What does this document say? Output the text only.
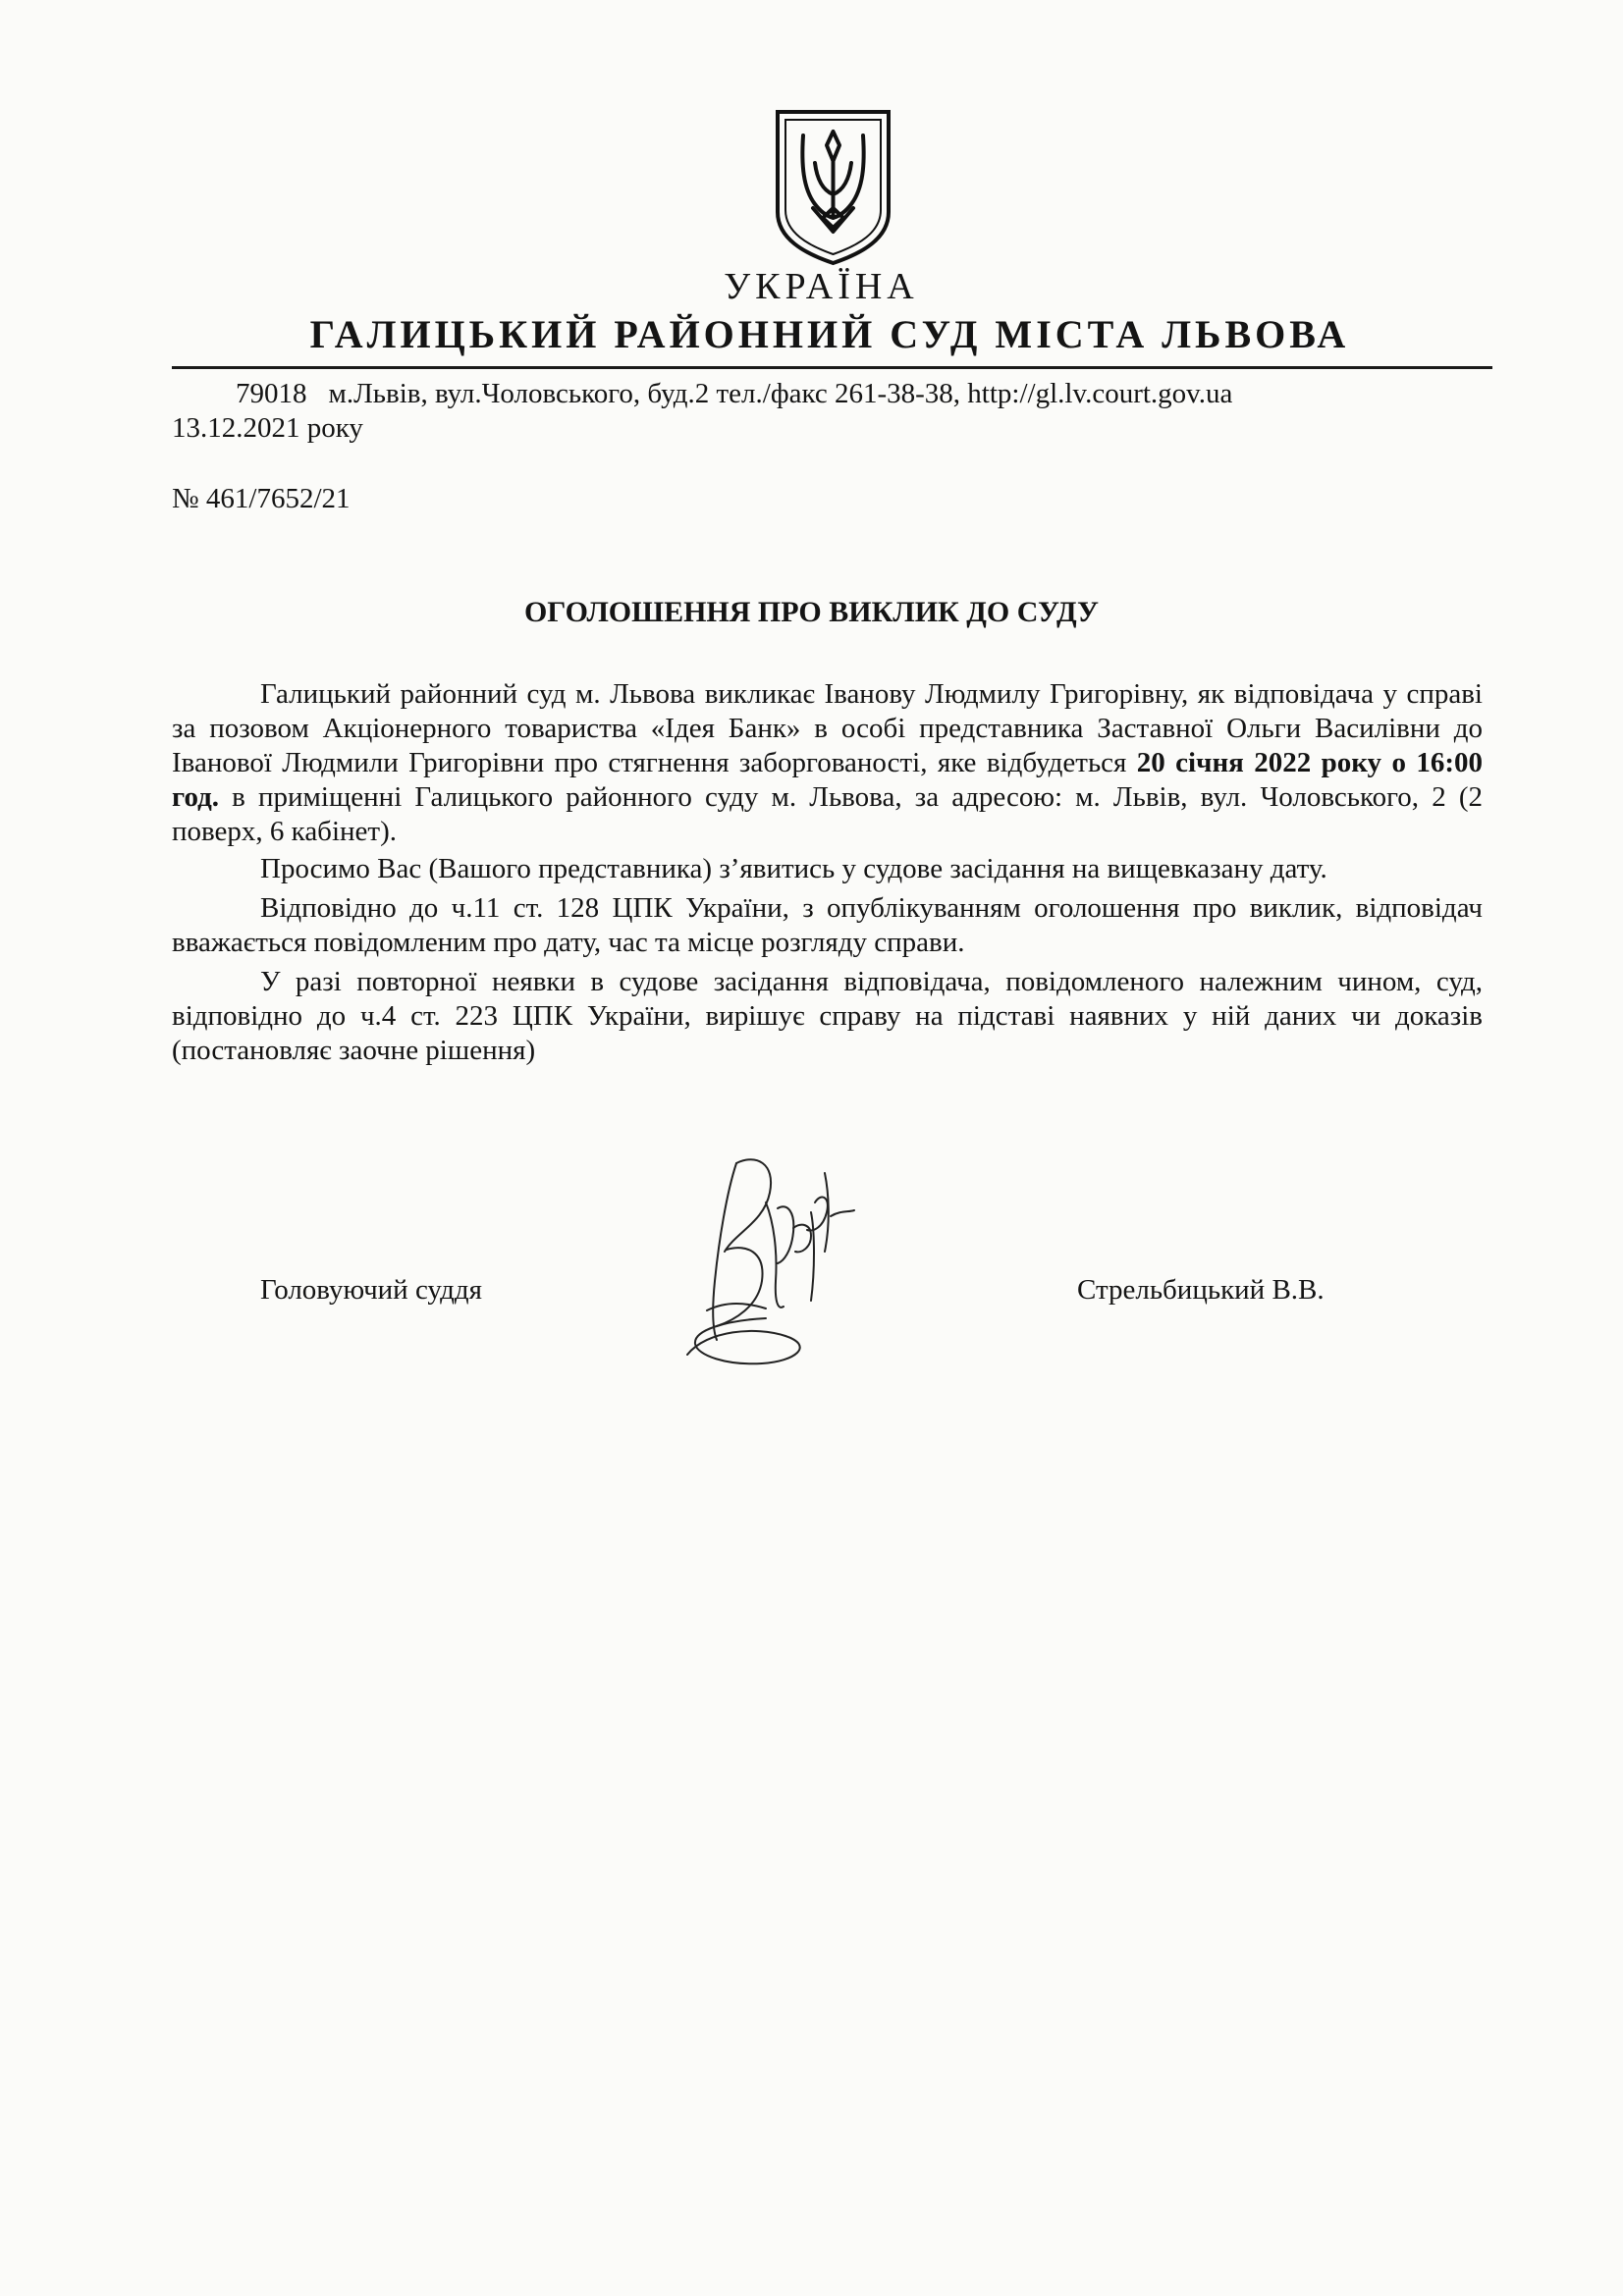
УКРАЇНА
ГАЛИЦЬКИЙ РАЙОННИЙ СУД МІСТА ЛЬВОВА
79018 м.Львів, вул.Чоловського, буд.2 тел./факс 261-38-38, http://gl.lv.court.gov.ua
13.12.2021 року
№ 461/7652/21
ОГОЛОШЕННЯ ПРО ВИКЛИК ДО СУДУ

Галицький районний суд м. Львова викликає Іванову Людмилу Григорівну, як відповідача у справі за позовом Акціонерного товариства «Ідея Банк» в особі представника Заставної Ольги Василівни до Іванової Людмили Григорівни про стягнення заборгованості, яке відбудеться 20 січня 2022 року о 16:00 год. в приміщенні Галицького районного суду м. Львова, за адресою: м. Львів, вул. Чоловського, 2 (2 поверх, 6 кабінет).

Просимо Вас (Вашого представника) з’явитись у судове засідання на вищевказану дату.

Відповідно до ч.11 ст. 128 ЦПК України, з опублікуванням оголошення про виклик, відповідач вважається повідомленим про дату, час та місце розгляду справи.

У разі повторної неявки в судове засідання відповідача, повідомленого належним чином, суд, відповідно до ч.4 ст. 223 ЦПК України, вирішує справу на підставі наявних у ній даних чи доказів (постановляє заочне рішення)

Головуючий суддя	Стрельбицький В.В.
